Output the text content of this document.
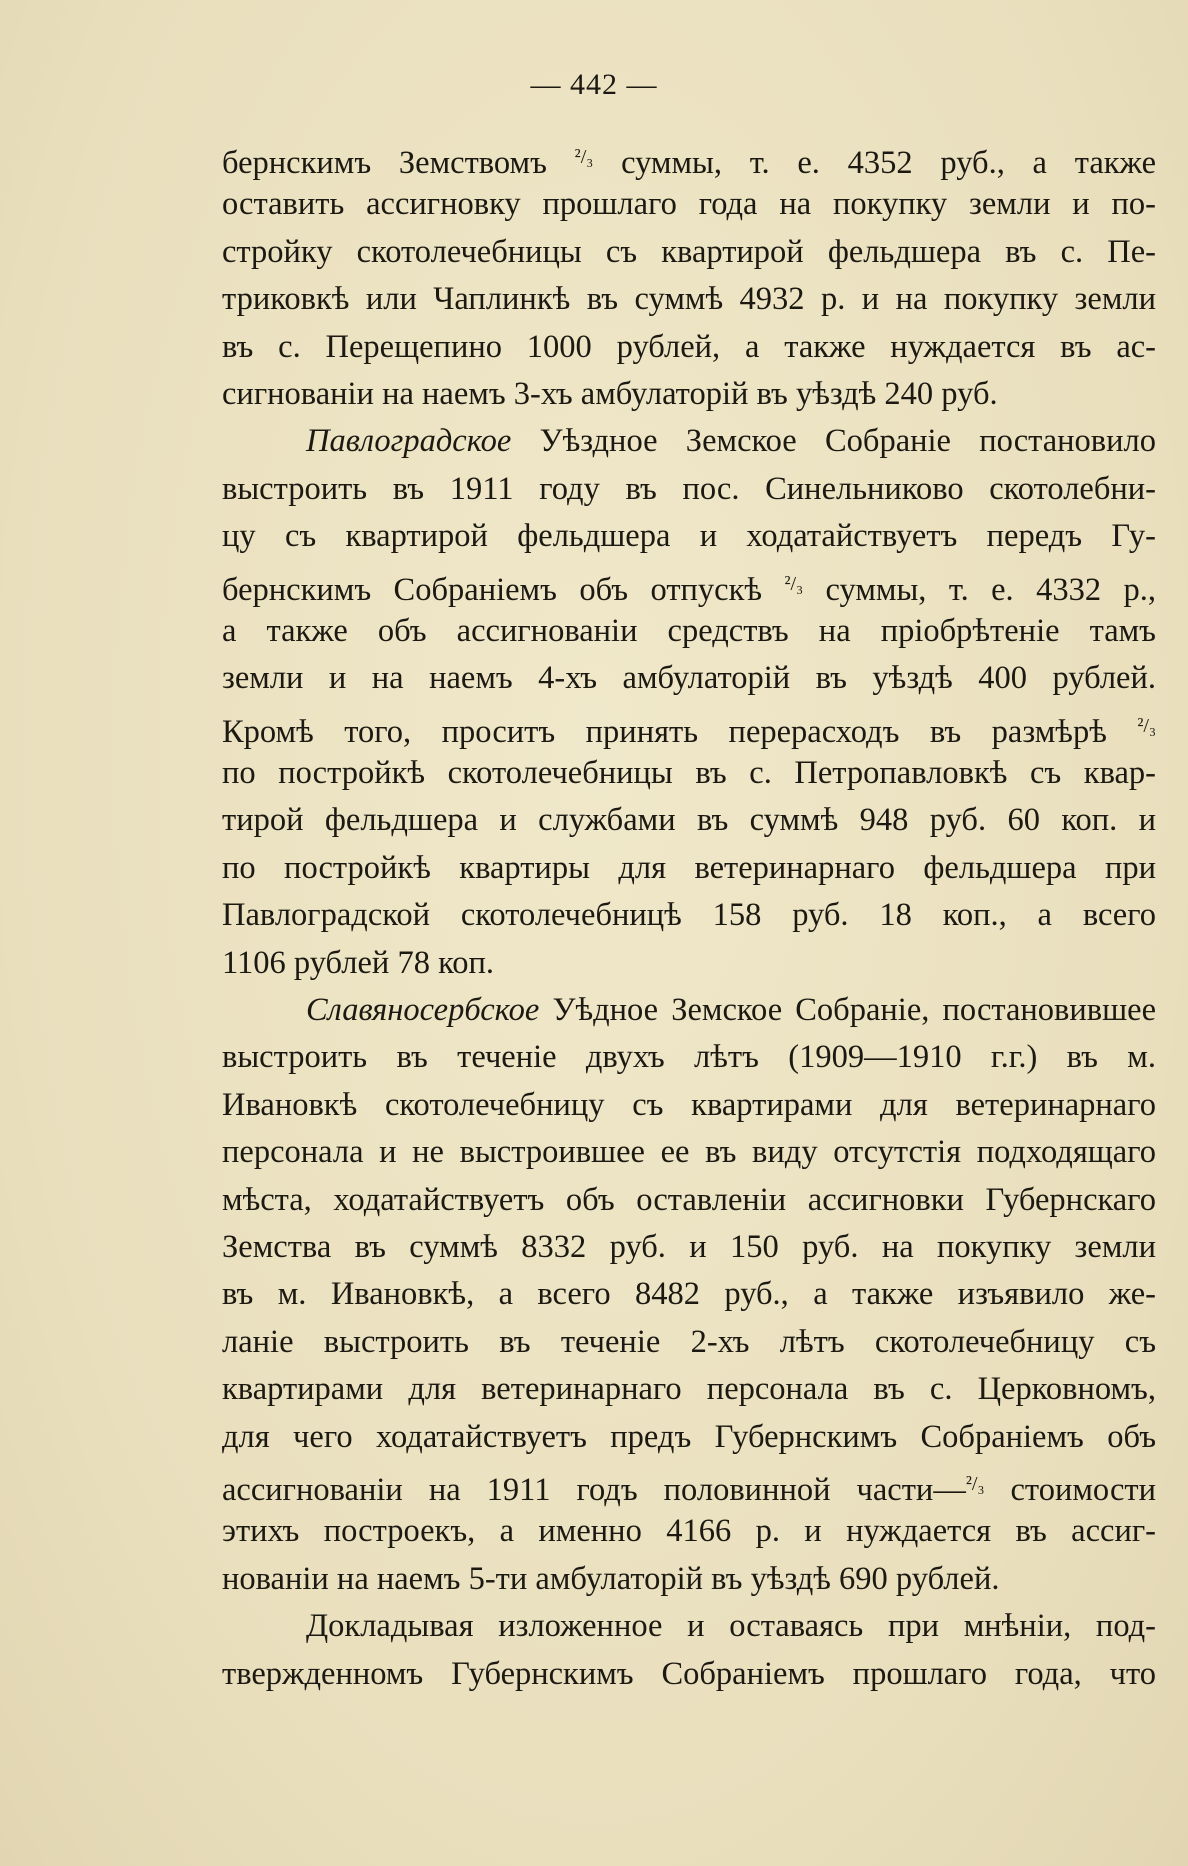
— 442 —
бернскимъ Земствомъ $^{^2/_3}$ суммы, т. е. 4352 руб., а также
оставить ассигновку прошлаго года на покупку земли и по-
стройку скотолечебницы съ квартирой фельдшера въ с. Пе-
триковкѣ или Чаплинкѣ въ суммѣ 4932 р. и на покупку земли
въ с. Перещепино 1000 рублей, а также нуждается въ ас-
сигнованіи на наемъ 3-хъ амбулаторій въ уѣздѣ 240 руб.
Павлоградское Уѣздное Земское Собраніе постановило
выстроить въ 1911 году въ пос. Синельниково скотолебни-
цу съ квартирой фельдшера и ходатайствуетъ передъ Гу-
бернскимъ Собраніемъ объ отпускѣ $^{^2/_3}$ суммы, т. е. 4332 р.,
а также объ ассигнованіи средствъ на пріобрѣтеніе тамъ
земли и на наемъ 4-хъ амбулаторій въ уѣздѣ 400 рублей.
Кромѣ того, проситъ принять перерасходъ въ размѣрѣ $^{^2/_3}$
по постройкѣ скотолечебницы въ с. Петропавловкѣ съ квар-
тирой фельдшера и службами въ суммѣ 948 руб. 60 коп. и
по постройкѣ квартиры для ветеринарнаго фельдшера при
Павлоградской скотолечебницѣ 158 руб. 18 коп., а всего
1106 рублей 78 коп.
Славяносербское Уѣдное Земское Собраніе, постановившее
выстроить въ теченіе двухъ лѣтъ (1909—1910 г.г.) въ м.
Ивановкѣ скотолечебницу съ квартирами для ветеринарнаго
персонала и не выстроившее ее въ виду отсутстія подходящаго
мѣста, ходатайствуетъ объ оставленіи ассигновки Губернскаго
Земства въ суммѣ 8332 руб. и 150 руб. на покупку земли
въ м. Ивановкѣ, а всего 8482 руб., а также изъявило же-
ланіе выстроить въ теченіе 2-хъ лѣтъ скотолечебницу съ
квартирами для ветеринарнаго персонала въ с. Церковномъ,
для чего ходатайствуетъ предъ Губернскимъ Собраніемъ объ
ассигнованіи на 1911 годъ половинной части—$^{^2/_3}$ стоимости
этихъ построекъ, а именно 4166 р. и нуждается въ ассиг-
нованіи на наемъ 5-ти амбулаторій въ уѣздѣ 690 рублей.
Докладывая изложенное и оставаясь при мнѣніи, под-
твержденномъ Губернскимъ Собраніемъ прошлаго года, что
